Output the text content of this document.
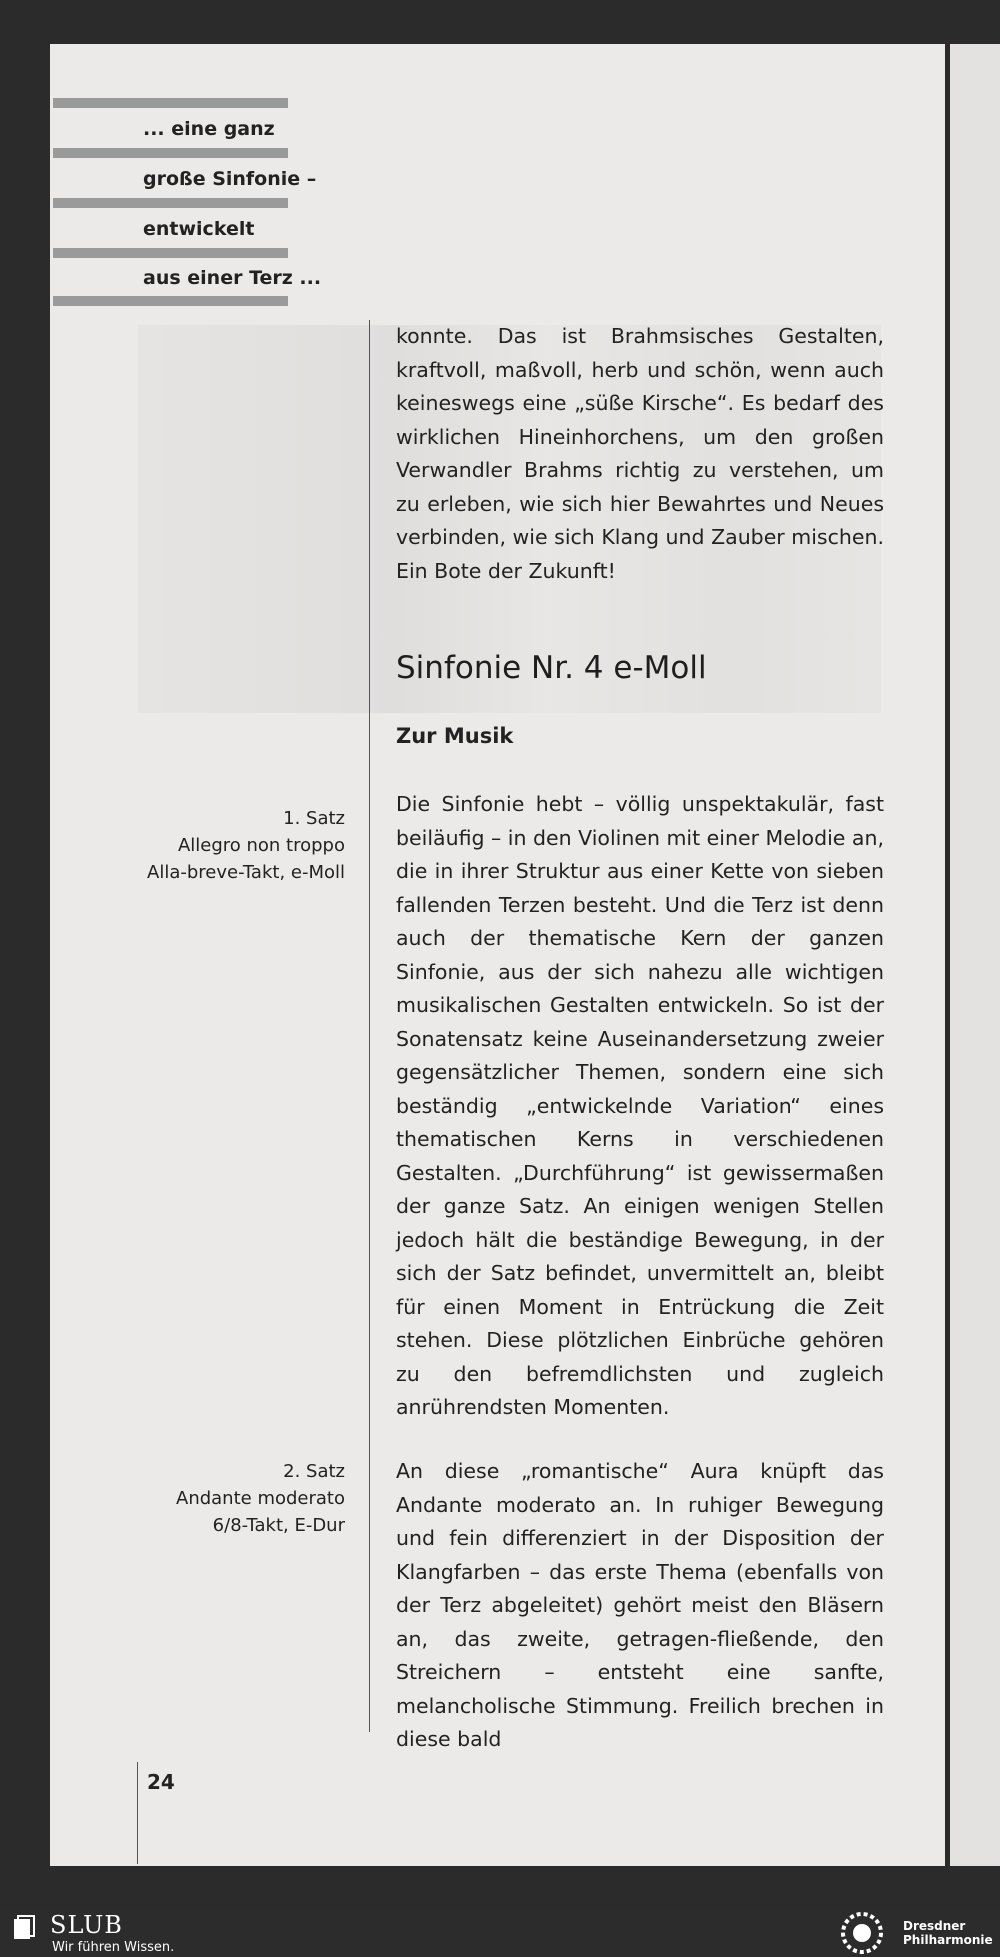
... eine ganz
große Sinfonie –
entwickelt
aus einer Terz ...

konnte. Das ist Brahmsisches Gestalten, kraftvoll, maßvoll, herb und schön, wenn auch keineswegs eine „süße Kirsche“. Es bedarf des wirklichen Hineinhorchens, um den großen Verwandler Brahms richtig zu verstehen, um zu erleben, wie sich hier Bewahrtes und Neues verbinden, wie sich Klang und Zauber mischen. Ein Bote der Zukunft!

Sinfonie Nr. 4 e-Moll
Zur Musik

Die Sinfonie hebt – völlig unspektakulär, fast beiläufig – in den Violinen mit einer Melodie an, die in ihrer Struktur aus einer Kette von sieben fallenden Terzen besteht. Und die Terz ist denn auch der thematische Kern der ganzen Sinfonie, aus der sich nahezu alle wichtigen musikalischen Gestalten entwickeln. So ist der Sonatensatz keine Auseinandersetzung zweier gegensätzlicher Themen, sondern eine sich beständig „entwickelnde Variation“ eines thematischen Kerns in verschiedenen Gestalten. „Durchführung“ ist gewissermaßen der ganze Satz. An einigen wenigen Stellen jedoch hält die beständige Bewegung, in der sich der Satz befindet, unvermittelt an, bleibt für einen Moment in Entrückung die Zeit stehen. Diese plötzlichen Einbrüche gehören zu den befremdlichsten und zugleich anrührendsten Momenten.

An diese „romantische“ Aura knüpft das Andante moderato an. In ruhiger Bewegung und fein differenziert in der Disposition der Klangfarben – das erste Thema (ebenfalls von der Terz abgeleitet) gehört meist den Bläsern an, das zweite, getragen-fließende, den Streichern – entsteht eine sanfte, melancholische Stimmung. Freilich brechen in diese bald

1. Satz
Allegro non troppo
Alla-breve-Takt, e-Moll
2. Satz
Andante moderato
6/8-Takt, E-Dur
24
SLUB
Wir führen Wissen.
Dresdner
Philharmonie
